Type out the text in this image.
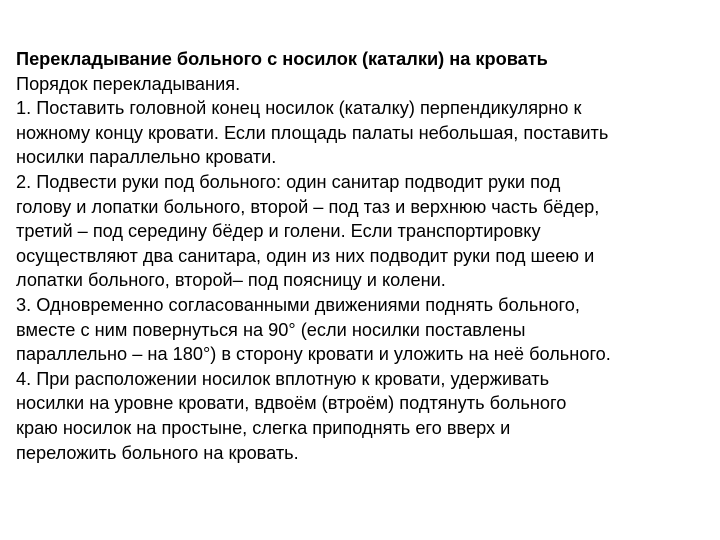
Перекладывание больного с носилок (каталки) на кровать
Порядок перекладывания.
1. Поставить головной конец носилок (каталку) перпендикулярно к
ножному концу кровати. Если площадь палаты небольшая, поставить
носилки параллельно кровати.
2. Подвести руки под больного: один санитар подводит руки под
голову и лопатки больного, второй – под таз и верхнюю часть бёдер,
третий – под середину бёдер и голени. Если транспортировку
осуществляют два санитара, один из них подводит руки под шеею и
лопатки больного, второй– под поясницу и колени.
3. Одновременно согласованными движениями поднять больного,
вместе с ним повернуться на 90° (если носилки поставлены
параллельно – на 180°) в сторону кровати и уложить на неё больного.
4. При расположении носилок вплотную к кровати, удерживать
носилки на уровне кровати, вдвоём (втроём) подтянуть больного
краю носилок на простыне, слегка приподнять его вверх и
переложить больного на кровать.
